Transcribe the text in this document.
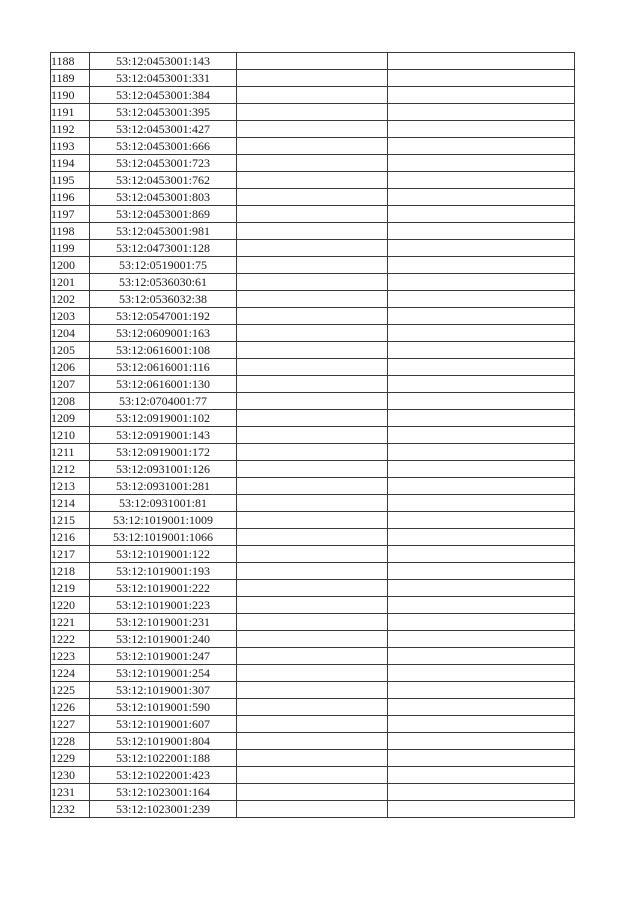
1188	53:12:0453001:143		
1189	53:12:0453001:331		
1190	53:12:0453001:384		
1191	53:12:0453001:395		
1192	53:12:0453001:427		
1193	53:12:0453001:666		
1194	53:12:0453001:723		
1195	53:12:0453001:762		
1196	53:12:0453001:803		
1197	53:12:0453001:869		
1198	53:12:0453001:981		
1199	53:12:0473001:128		
1200	53:12:0519001:75		
1201	53:12:0536030:61		
1202	53:12:0536032:38		
1203	53:12:0547001:192		
1204	53:12:0609001:163		
1205	53:12:0616001:108		
1206	53:12:0616001:116		
1207	53:12:0616001:130		
1208	53:12:0704001:77		
1209	53:12:0919001:102		
1210	53:12:0919001:143		
1211	53:12:0919001:172		
1212	53:12:0931001:126		
1213	53:12:0931001:281		
1214	53:12:0931001:81		
1215	53:12:1019001:1009		
1216	53:12:1019001:1066		
1217	53:12:1019001:122		
1218	53:12:1019001:193		
1219	53:12:1019001:222		
1220	53:12:1019001:223		
1221	53:12:1019001:231		
1222	53:12:1019001:240		
1223	53:12:1019001:247		
1224	53:12:1019001:254		
1225	53:12:1019001:307		
1226	53:12:1019001:590		
1227	53:12:1019001:607		
1228	53:12:1019001:804		
1229	53:12:1022001:188		
1230	53:12:1022001:423		
1231	53:12:1023001:164		
1232	53:12:1023001:239		
